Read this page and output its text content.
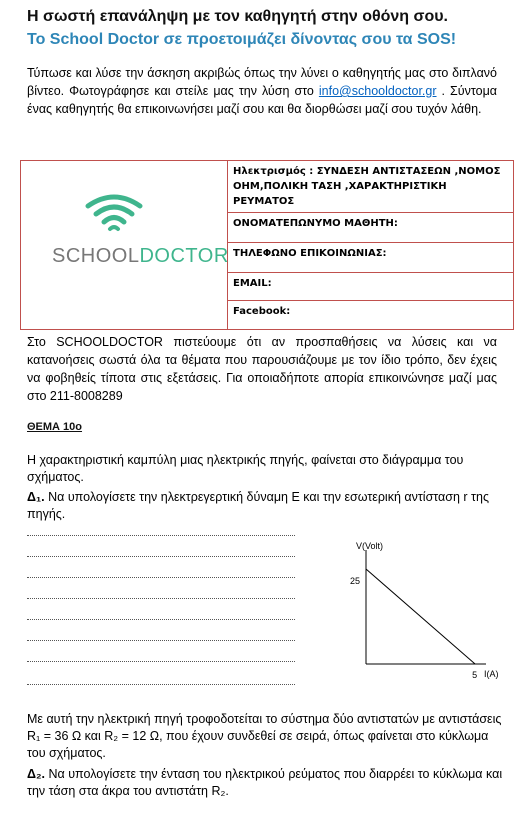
Η σωστή επανάληψη με τον καθηγητή στην οθόνη σου.
Το School Doctor σε προετοιμάζει δίνοντας σου τα SOS!
Τύπωσε και λύσε την άσκηση ακριβώς όπως την λύνει ο καθηγητής μας στο διπλανό βίντεο. Φωτογράφησε και στείλε μας την λύση στο info@schooldoctor.gr . Σύντομα ένας καθηγητής θα επικοινωνήσει μαζί σου και θα διορθώσει μαζί σου τυχόν λάθη.
Ηλεκτρισμός : ΣΥΝΔΕΣΗ ΑΝΤΙΣΤΑΣΕΩΝ ,ΝΟΜΟΣ ΟΗΜ,ΠΟΛΙΚΗ ΤΑΣΗ ,ΧΑΡΑΚΤΗΡΙΣΤΙΚΗ ΡΕΥΜΑΤΟΣ
ΟΝΟΜΑΤΕΠΩΝΥΜΟ ΜΑΘΗΤΗ:
ΤΗΛΕΦΩΝΟ ΕΠΙΚΟΙΝΩΝΙΑΣ:
EMAIL:
Facebook:
SCHOOLDOCTOR
Στο SCHOOLDOCTOR πιστεύουμε ότι αν προσπαθήσεις να λύσεις και να κατανοήσεις σωστά όλα τα θέματα που παρουσιάζουμε με τον ίδιο τρόπο, δεν έχεις να φοβηθείς τίποτα στις εξετάσεις. Για οποιαδήποτε απορία επικοινώνησε μαζί μας στο 211-8008289
ΘΕΜΑ 10ο
Η χαρακτηριστική καμπύλη μιας ηλεκτρικής πηγής, φαίνεται στο διάγραμμα του σχήματος.
Δ₁. Να υπολογίσετε την ηλεκτρεγερτική δύναμη Ε και την εσωτερική αντίσταση r της πηγής.
V(Volt)
25
5 I(A)
Με αυτή την ηλεκτρική πηγή τροφοδοτείται το σύστημα δύο αντιστατών με αντιστάσεις R₁ = 36 Ω και R₂ = 12 Ω, που έχουν συνδεθεί σε σειρά, όπως φαίνεται στο κύκλωμα του σχήματος.
Δ₂. Να υπολογίσετε την ένταση του ηλεκτρικού ρεύματος που διαρρέει το κύκλωμα και την τάση στα άκρα του αντιστάτη R₂.
